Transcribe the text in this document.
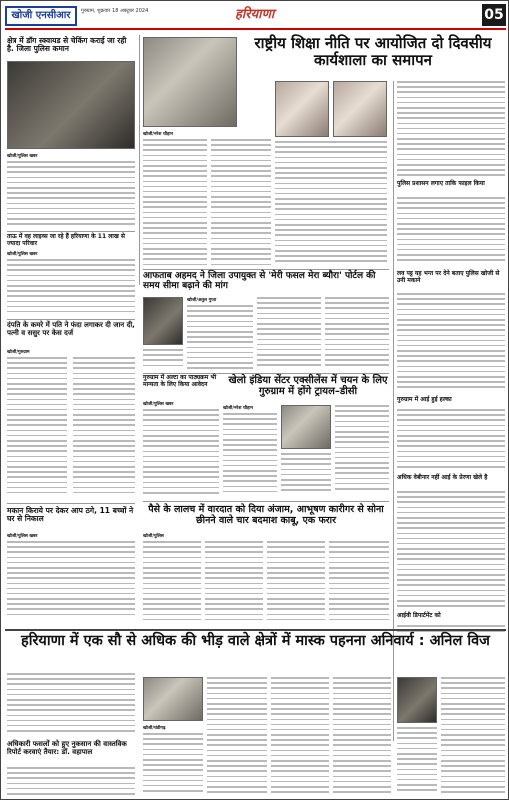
खोजी एनसीआर	गुरुग्राम, शुक्रवार 18 अक्टूबर 2024	हरियाणा	05
क्षेत्र में डॉग स्क्वायड से चेकिंग कराई जा रही है. जिला पुलिस कमान
खोजी/पुलिस खबर
ताऊ में वह लाइव्स जा रहे हैं हरियाणा के 11 लाख से ज्यादा परिवार
खोजी/पुलिस खबर
दंपति के कमरे में पति ने फंदा लगाकर दी जान दी, पत्नी व ससुर पर केस दर्ज
खोजी/गुरुग्राम
मकान किराये पर देकर आप ठगे, 11 बच्चों ने घर से निकाल
खोजी/पुलिस खबर
राष्ट्रीय शिक्षा नीति पर आयोजित दो दिवसीय कार्यशाला का समापन
खोजी/नरेश चौहान
पुलिस प्रशासन लगाए ताकि फाइल किया
आफताब अहमद ने जिला उपायुक्त से 'मेरी फसल मेरा ब्यौरा' पोर्टल की समय सीमा बढ़ाने की मांग
खोजी/अतुल गुप्ता
लव पट्ट यह भन्त पर देने बताए पुलिस खोजी से उनी मकाने
गुरुग्राम में अल्टा का पाठ्यक्रम भी मान्यता के लिए किया आवेदन	खेलो इंडिया सेंटर एक्सीलेंस में चयन के लिए गुरुग्राम में होंगे ट्रायल–डीसी
खोजी/पुलिस खबर
खोजी/नरेश चौहान
गुरुग्राम में आई हुई हल्का
अधिक वेबीनार नहीं आई के प्रेरणा खेले है
पैसे के लालच में वारदात को दिया अंजाम, आभूषण कारीगर से सोना छीनने वाले चार बदमाश काबू, एक फरार
खोजी/पुलिस
आईवी डिपार्टमेंट को
हरियाणा में एक सौ से अधिक की भीड़ वाले क्षेत्रों में मास्क पहनना अनिवार्य : अनिल विज
अधिकारी फसलों को हुए नुकसान की वास्तविक रिपोर्ट करवाएं तैयार: डॉ. वहापाल
खोजी/चंडीगढ़
